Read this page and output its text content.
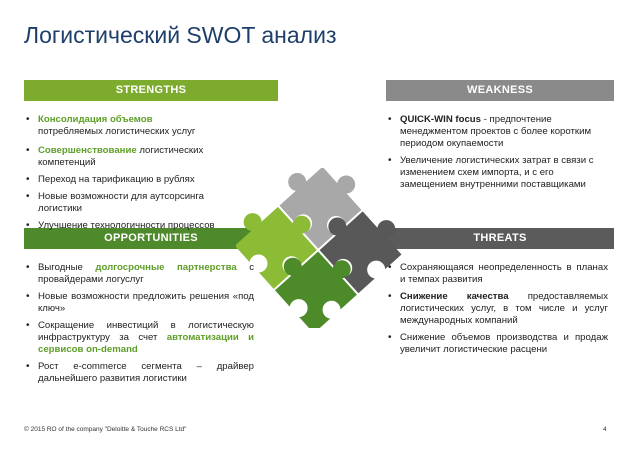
Логистический SWOT анализ
STRENGTHS	WEAKNESS
OPPORTUNITIES	THREATS
• Консолидация объемов
потребляемых логистических услуг
• Совершенствование логистических компетенций
• Переход на тарификацию в рублях
• Новые возможности для аутсорсинга логистики
• Улучшение технологичности процессов
• QUICK-WIN focus - предпочтение менеджментом проектов с более коротким периодом окупаемости
• Увеличение логистических затрат в связи с изменением схем импорта, и с его замещением внутренними поставщиками
• Выгодные долгосрочные партнерства с провайдерами логуслуг
• Новые возможности предложить решения «под ключ»
• Сокращение инвестиций в логистическую инфраструктуру за счет автоматизации и сервисов on-demand
• Рост e-commerce сегмента – драйвер дальнейшего развития логистики
• Сохраняющаяся неопределенность в планах и темпах развития
• Снижение качества предоставляемых логистических услуг, в том числе и услуг международных компаний
• Снижение объемов производства и продаж увеличит логистические расцени
© 2015 RO of the company "Deloitte & Touche RCS Ltd"	4
